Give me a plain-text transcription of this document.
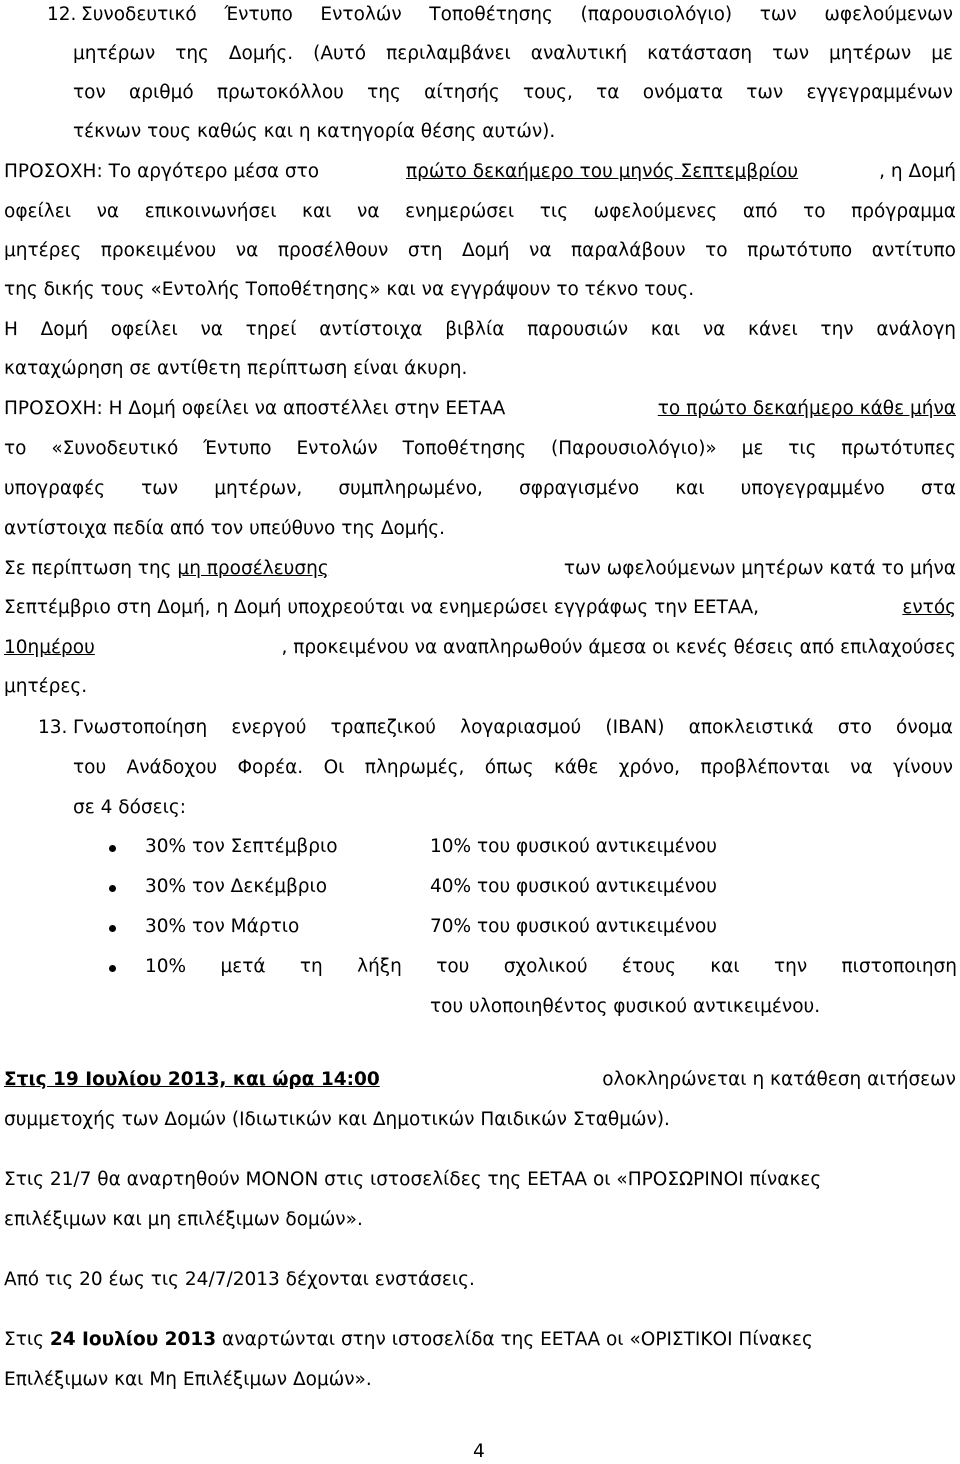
12. Συνοδευτικό Έντυπο Εντολών Τοποθέτησης (παρουσιολόγιο) των ωφελούμενων
μητέρων της Δομής. (Αυτό περιλαμβάνει αναλυτική κατάσταση των μητέρων με
τον αριθμό πρωτοκόλλου της αίτησής τους, τα ονόματα των εγγεγραμμένων
τέκνων τους καθώς και η κατηγορία θέσης αυτών).
ΠΡΟΣΟΧΗ: Το αργότερο μέσα στο	πρώτο δεκαήμερο του μηνός Σεπτεμβρίου	, η Δομή
οφείλει να επικοινωνήσει και να ενημερώσει τις ωφελούμενες από το πρόγραμμα
μητέρες προκειμένου να προσέλθουν στη Δομή να παραλάβουν το πρωτότυπο αντίτυπο
της δικής τους «Εντολής Τοποθέτησης» και να εγγράψουν το τέκνο τους.
Η Δομή οφείλει να τηρεί αντίστοιχα βιβλία παρουσιών και να κάνει την ανάλογη
καταχώρηση σε αντίθετη περίπτωση είναι άκυρη.
ΠΡΟΣΟΧΗ: Η Δομή οφείλει να αποστέλλει στην ΕΕΤΑΑ	το πρώτο δεκαήμερο κάθε μήνα
το «Συνοδευτικό Έντυπο Εντολών Τοποθέτησης (Παρουσιολόγιο)» με τις πρωτότυπες
υπογραφές των μητέρων, συμπληρωμένο, σφραγισμένο και υπογεγραμμένο στα
αντίστοιχα πεδία από τον υπεύθυνο της Δομής.
Σε περίπτωση της μη προσέλευσης	των ωφελούμενων μητέρων κατά το μήνα
Σεπτέμβριο στη Δομή, η Δομή υποχρεούται να ενημερώσει εγγράφως την ΕΕΤΑΑ,	εντός
10ημέρου	, προκειμένου να αναπληρωθούν άμεσα οι κενές θέσεις από επιλαχούσες
μητέρες.
13. Γνωστοποίηση ενεργού τραπεζικού λογαριασμού (IBAN) αποκλειστικά στο όνομα
του Ανάδοχου Φορέα. Οι πληρωμές, όπως κάθε χρόνο, προβλέπονται να γίνουν
σε 4 δόσεις:
30% τον Σεπτέμβριο	10% του φυσικού αντικειμένου
30% τον Δεκέμβριο	40% του φυσικού αντικειμένου
30% τον Μάρτιο	70% του φυσικού αντικειμένου
10% μετά τη λήξη του σχολικού έτους και την πιστοποιηση
του υλοποιηθέντος φυσικού αντικειμένου.
Στις 19 Ιουλίου 2013, και ώρα 14:00	ολοκληρώνεται η κατάθεση αιτήσεων
συμμετοχής των Δομών (Ιδιωτικών και Δημοτικών Παιδικών Σταθμών).
Στις 21/7 θα αναρτηθούν ΜΟΝΟΝ στις ιστοσελίδες της ΕΕΤΑΑ οι «ΠΡΟΣΩΡΙΝΟΙ πίνακες
επιλέξιμων και μη επιλέξιμων δομών».
Από τις 20 έως τις 24/7/2013 δέχονται ενστάσεις.
Στις 24 Ιουλίου 2013 αναρτώνται στην ιστοσελίδα της ΕΕΤΑΑ οι «ΟΡΙΣΤΙΚΟΙ Πίνακες
Επιλέξιμων και Μη Επιλέξιμων Δομών».
4
